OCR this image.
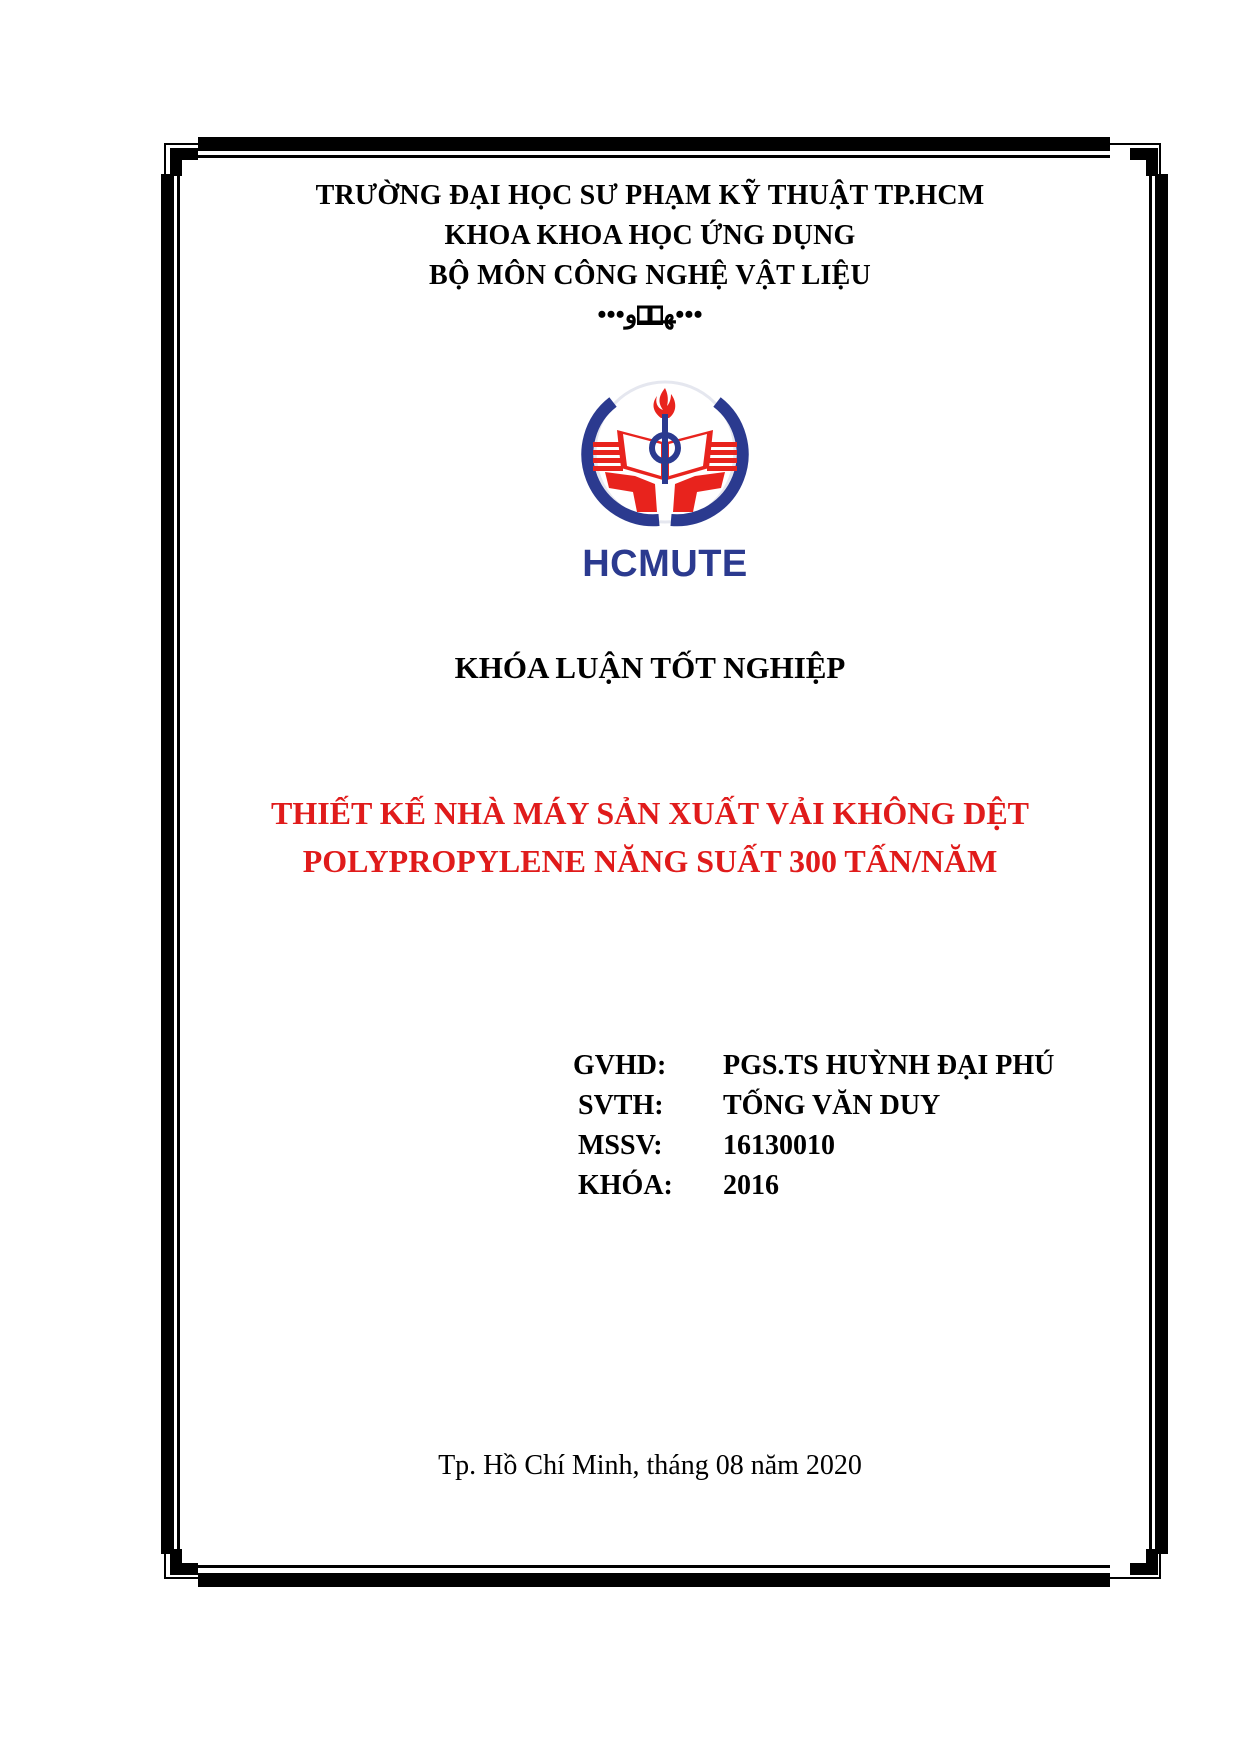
TRƯỜNG ĐẠI HỌC SƯ PHẠM KỸ THUẬT TP.HCM
KHOA KHOA HỌC ỨNG DỤNG
BỘ MÔN CÔNG NGHỆ VẬT LIỆU
••• ﻬﻭ •••
HCMUTE
KHÓA LUẬN TỐT NGHIỆP
THIẾT KẾ NHÀ MÁY SẢN XUẤT VẢI KHÔNG DỆT
POLYPROPYLENE NĂNG SUẤT 300 TẤN/NĂM
GVHD: PGS.TS HUỲNH ĐẠI PHÚ
SVTH: TỐNG VĂN DUY
MSSV: 16130010
KHÓA: 2016
Tp. Hồ Chí Minh, tháng 08 năm 2020
